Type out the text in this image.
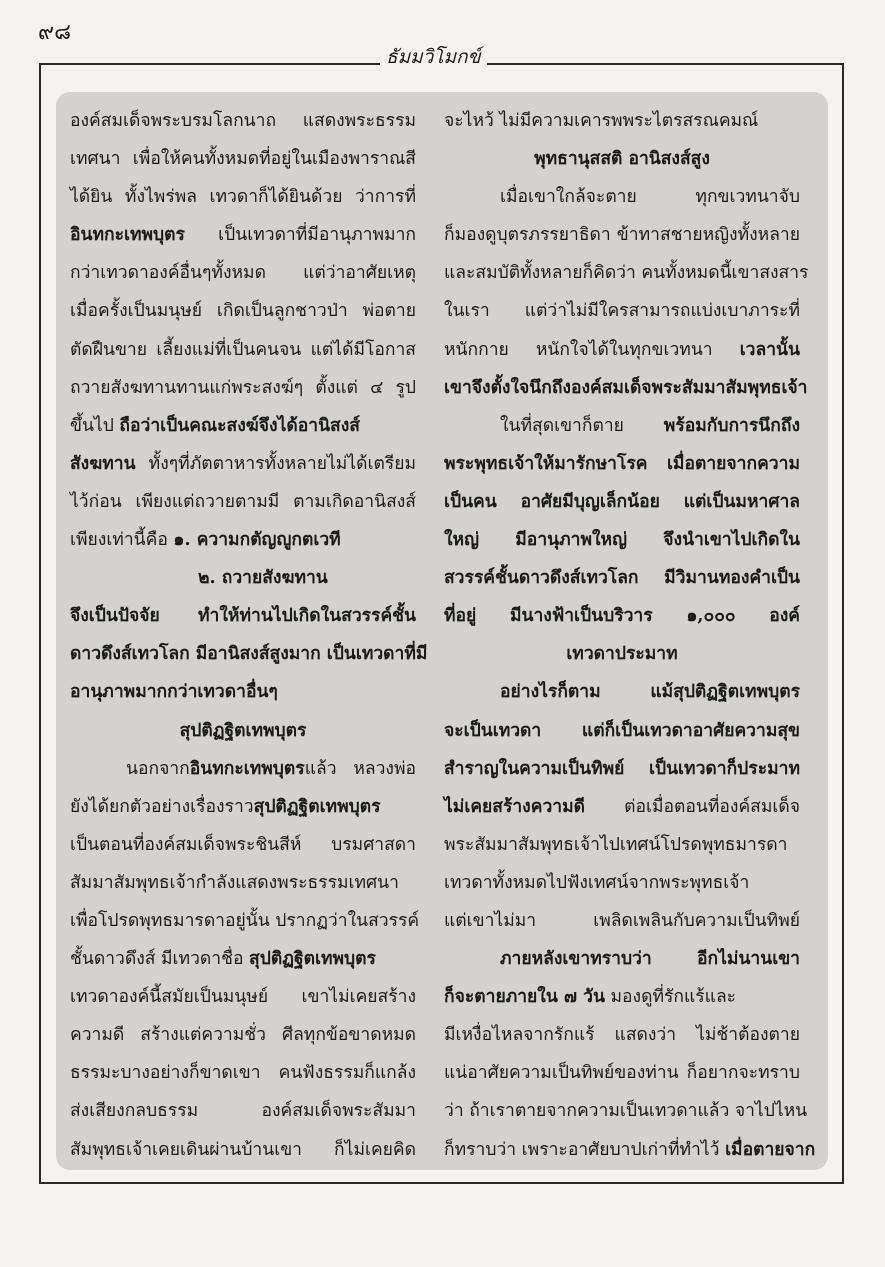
๙๘
ธัมมวิโมกข์
องค์สมเด็จพระบรมโลกนาถ แสดงพระธรรม
เทศนา เพื่อให้คนทั้งหมดที่อยู่ในเมืองพาราณสี
ได้ยิน ทั้งไพร่พล เทวดาก็ได้ยินด้วย ว่าการที่
อินทกะเทพบุตร เป็นเทวดาที่มีอานุภาพมาก
กว่าเทวดาองค์อื่นๆทั้งหมด แต่ว่าอาศัยเหตุ
เมื่อครั้งเป็นมนุษย์ เกิดเป็นลูกชาวป่า พ่อตาย
ตัดฝืนขาย เลี้ยงแม่ที่เป็นคนจน แต่ได้มีโอกาส
ถวายสังฆทานทานแก่พระสงฆ์ๆ ตั้งแต่ ๔ รูป
ขึ้นไป ถือว่าเป็นคณะสงฆ์จึงได้อานิสงส์
สังฆทาน ทั้งๆที่ภัตตาหารทั้งหลายไม่ได้เตรียม
ไว้ก่อน เพียงแต่ถวายตามมี ตามเกิดอานิสงส์
เพียงเท่านี้คือ ๑. ความกตัญญูกตเวที
๒. ถวายสังฆทาน
จึงเป็นปัจจัย ทำให้ท่านไปเกิดในสวรรค์ชั้น
ดาวดึงส์เทวโลก มีอานิสงส์สูงมาก เป็นเทวดาที่มี
อานุภาพมากกว่าเทวดาอื่นๆ
สุปติฏฐิตเทพบุตร
นอกจากอินทกะเทพบุตรแล้ว หลวงพ่อ
ยังได้ยกตัวอย่างเรื่องราวสุปติฏฐิตเทพบุตร
เป็นตอนที่องค์สมเด็จพระชินสีห์ บรมศาสดา
สัมมาสัมพุทธเจ้ากำลังแสดงพระธรรมเทศนา
เพื่อโปรดพุทธมารดาอยู่นั้น ปรากฏว่าในสวรรค์
ชั้นดาวดึงส์ มีเทวดาชื่อ สุปติฏฐิตเทพบุตร
เทวดาองค์นี้สมัยเป็นมนุษย์ เขาไม่เคยสร้าง
ความดี สร้างแต่ความชั่ว ศีลทุกข้อขาดหมด
ธรรมะบางอย่างก็ขาดเขา คนฟังธรรมก็แกล้ง
ส่งเสียงกลบธรรม องค์สมเด็จพระสัมมา
สัมพุทธเจ้าเคยเดินผ่านบ้านเขา ก็ไม่เคยคิด
จะไหว้ ไม่มีความเคารพพระไตรสรณคมณ์
พุทธานุสสติ อานิสงส์สูง
เมื่อเขาใกล้จะตาย ทุกขเวทนาจับ
ก็มองดูบุตรภรรยาธิดา ข้าทาสชายหญิงทั้งหลาย
และสมบัติทั้งหลายก็คิดว่า คนทั้งหมดนี้เขาสงสาร
ในเรา แต่ว่าไม่มีใครสามารถแบ่งเบาภาระที่
หนักกาย หนักใจได้ในทุกขเวทนา เวลานั้น
เขาจึงตั้งใจนึกถึงองค์สมเด็จพระสัมมาสัมพุทธเจ้า
ในที่สุดเขาก็ตาย พร้อมกับการนึกถึง
พระพุทธเจ้าให้มารักษาโรค เมื่อตายจากความ
เป็นคน อาศัยมีบุญเล็กน้อย แต่เป็นมหาศาล
ใหญ่ มีอานุภาพใหญ่ จึงนำเขาไปเกิดใน
สวรรค์ชั้นดาวดึงส์เทวโลก มีวิมานทองคำเป็น
ที่อยู่ มีนางฟ้าเป็นบริวาร ๑,๐๐๐ องค์
เทวดาประมาท
อย่างไรก็ตาม แม้สุปติฏฐิตเทพบุตร
จะเป็นเทวดา แต่ก็เป็นเทวดาอาศัยความสุข
สำราญในความเป็นทิพย์ เป็นเทวดาก็ประมาท
ไม่เคยสร้างความดี ต่อเมื่อตอนที่องค์สมเด็จ
พระสัมมาสัมพุทธเจ้าไปเทศน์โปรดพุทธมารดา
เทวดาทั้งหมดไปฟังเทศน์จากพระพุทธเจ้า
แต่เขาไม่มา เพลิดเพลินกับความเป็นทิพย์
ภายหลังเขาทราบว่า อีกไม่นานเขา
ก็จะตายภายใน ๗ วัน มองดูที่รักแร้และ
มีเหงื่อไหลจากรักแร้ แสดงว่า ไม่ช้าต้องตาย
แน่อาศัยความเป็นทิพย์ของท่าน ก็อยากจะทราบ
ว่า ถ้าเราตายจากความเป็นเทวดาแล้ว จาไปไหน
ก็ทราบว่า เพราะอาศัยบาปเก่าที่ทำไว้ เมื่อตายจาก
